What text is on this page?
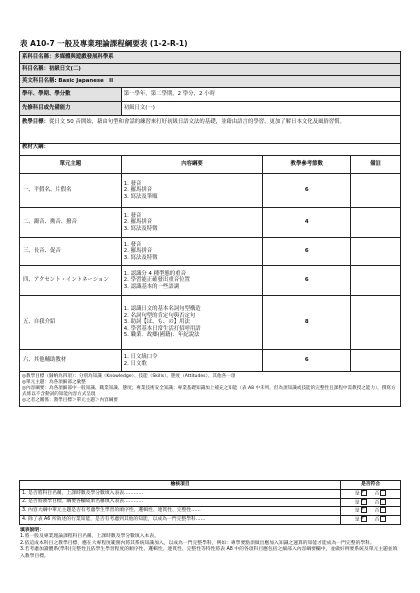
表 A10-7 一般及專業理論課程綱要表 (1-2-R-1)
系科目名稱：多媒體與遊戲發展科學系			
科目名稱：初級日文(二)			
英文科目名稱: Basic Japanese　II			
學年、學期、學分數	第一學年，第二學期，2 學分，2 小時		
先修科目或先備能力	初級日文(一)		
教學目標：從日文 50 音開始，藉由句型和會話的練習來打好初級日語文法的基礎，並藉由語言的學習，更加了解日本文化及風俗習慣。			
教材大綱：			
單元主題	內容綱要	教學參考節數	備註
一、平假名、片假名	1. 發音
2. 羅馬拼音
3. 寫法及筆順	6	
二、濁音、拗音、撥音	1. 發音
2. 羅馬拼音
3. 寫法及特徵	4	
三、長音、促音	1. 發音
2. 羅馬拼音
3. 寫法及特徵	6	
四、アクセント・イントネーション	1. 認識分 4 種型態的重音
2. 學習能正確發出重音位置
3. 認識基本的一些語調	6	
五、自我介紹	1. 認識日文的基本名詞句型構造
2. 名詞句型的肯定句與否定句
3. 助詞【は、も、の】用法
4. 學習基本日常生活打招呼用語
5. 職業．故鄉(國籍)．年紀說法	8	
六、其他輔助教材	1. 日文繞口令
2. 日文歌	6	

◎教學目標（歸納為四項）：分別為知識（Knowledge）、技能（Skills）、態度（Attitudes）、其他各一項
◎單元主題：為各項細部之彙整
◎內容綱要：為各項細部中一般知識、職業知識、態度；專業技術安全知識；專業基礎知識加上補充之知能（表 A8 中未列，但為須知識或技能的完整性且課程中需教授之能力），撰寫方式係以不含動詞的知能內容方式呈現
◎之者之關係：教學目標＞單元主題＞內容綱要			
檢核項目	是否符合
1. 是否將科目名稱，上課時數及學分數填入表表…………	是 ✓ 否
2. 是否將教學目標，綱要各欄成果名稱填入表表…………	是 ✓ 否
3. 內容大綱中單元主題是否有考慮學生學習的順序性、邏輯性、連貫性、完整性……	是 ✓ 否
4. 除了表 A6 所敘述的行業知能，是否有考慮到其他的知能，以成為一門完整學科……	是 ✓ 否
填表說明：
1.將一般及專業理論課程科目名稱，上課時數及學分數填入本表。
2.依這成本科目之教學目標，應在大專程度範圍內將其系統知識加入，以成為一門完整學科，例如：專學要點須做出應加入知識之運算的知能才能成為一門完整的學科。
3.若考慮加讀體系(學科)完整性且依學生學習程度的順序性、邏輯性、連貫性、完整性等特性將表 A8 中的各項科目應包括之細部入內容綱要欄中，並做好例要系統及單元主題並填入教學目標。
